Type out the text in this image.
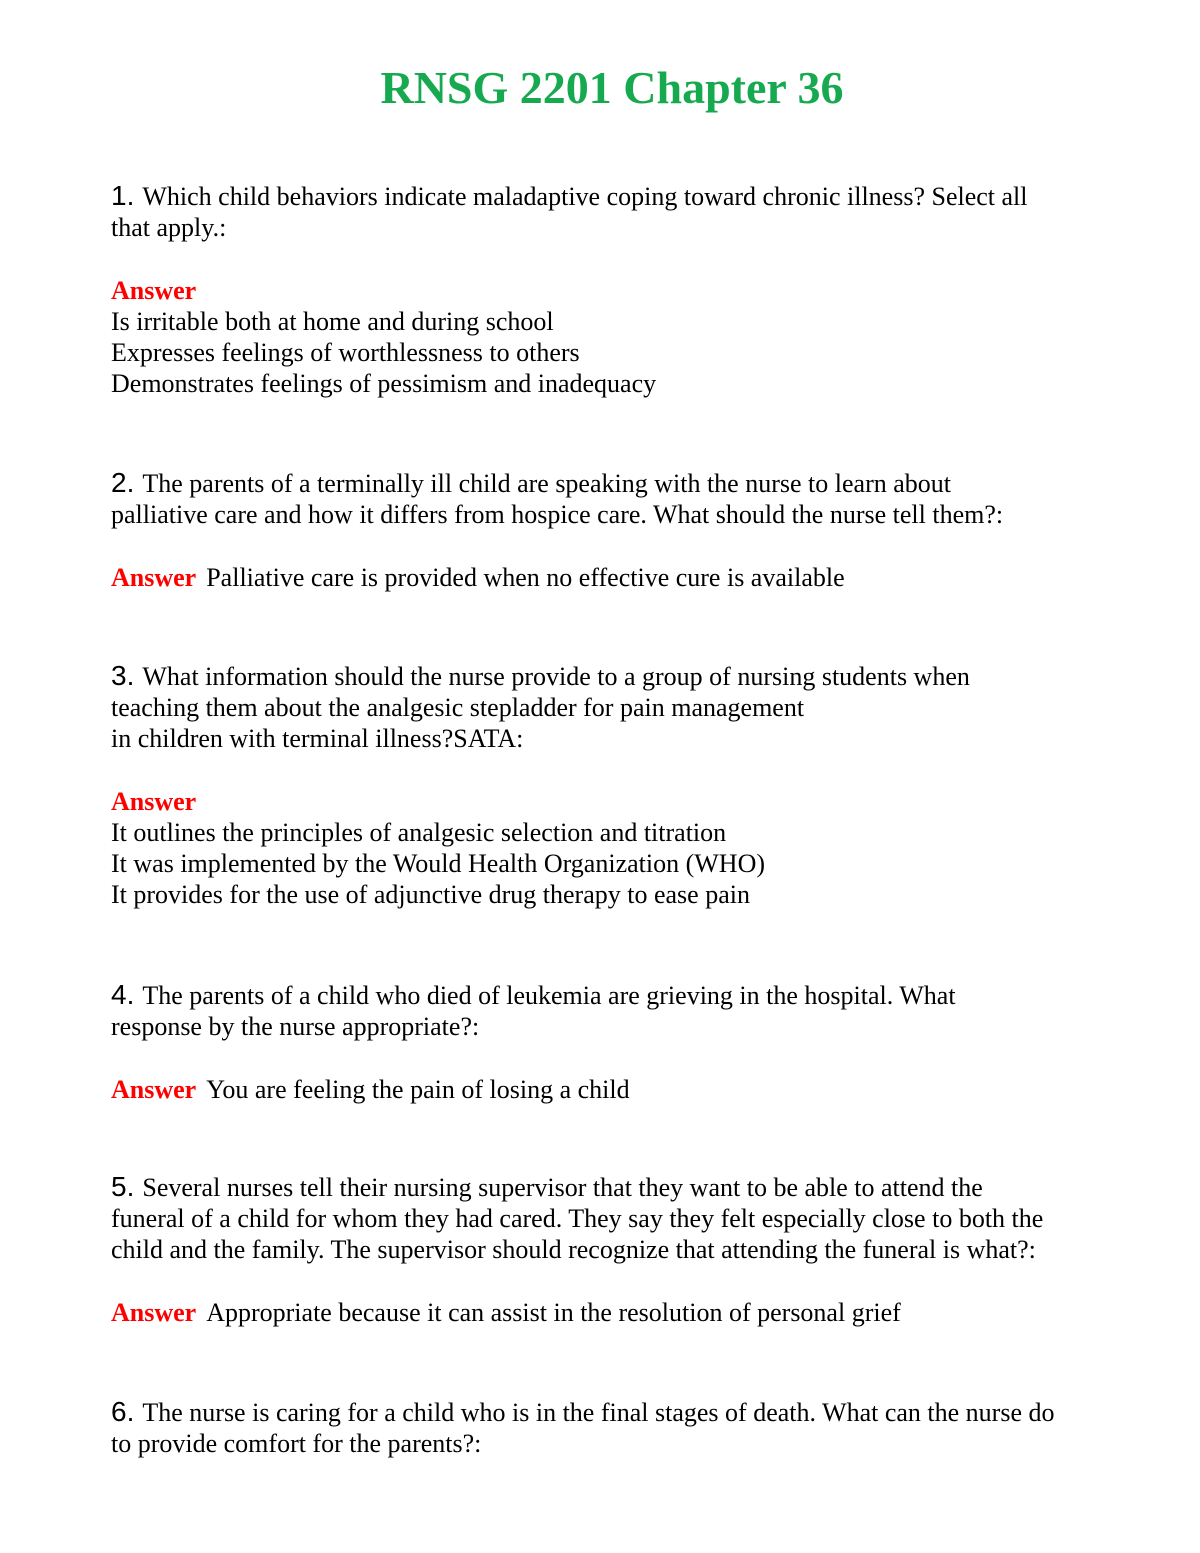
RNSG 2201 Chapter 36

1. Which child behaviors indicate maladaptive coping toward chronic illness? Select all
that apply.:

Answer
Is irritable both at home and during school
Expresses feelings of worthlessness to others
Demonstrates feelings of pessimism and inadequacy

2. The parents of a terminally ill child are speaking with the nurse to learn about
palliative care and how it differs from hospice care. What should the nurse tell them?:

Answer Palliative care is provided when no effective cure is available

3. What information should the nurse provide to a group of nursing students when
teaching them about the analgesic stepladder for pain management
in children with terminal illness?SATA:

Answer
It outlines the principles of analgesic selection and titration
It was implemented by the Would Health Organization (WHO)
It provides for the use of adjunctive drug therapy to ease pain

4. The parents of a child who died of leukemia are grieving in the hospital. What
response by the nurse appropriate?:

Answer You are feeling the pain of losing a child

5. Several nurses tell their nursing supervisor that they want to be able to attend the
funeral of a child for whom they had cared. They say they felt especially close to both the
child and the family. The supervisor should recognize that attending the funeral is what?:

Answer Appropriate because it can assist in the resolution of personal grief

6. The nurse is caring for a child who is in the final stages of death. What can the nurse do
to provide comfort for the parents?:
